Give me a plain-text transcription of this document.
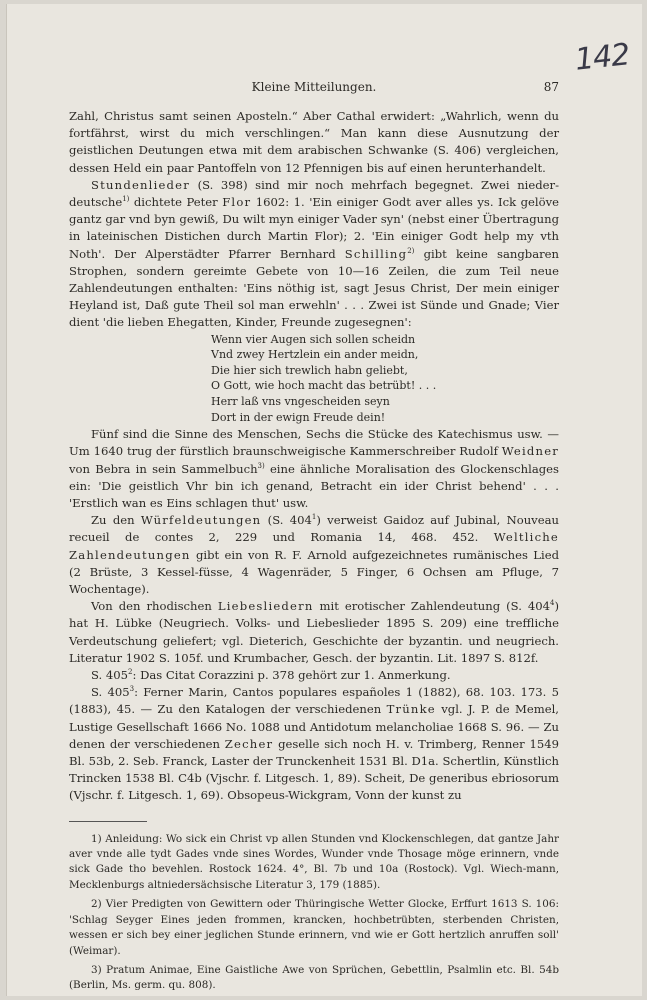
142
Kleine Mitteilungen.	87

Zahl, Christus samt seinen Aposteln.“ Aber Cathal erwidert: „Wahrlich, wenn du fortfährst, wirst du mich verschlingen.“ Man kann diese Ausnutzung der geistlichen Deutungen etwa mit dem arabischen Schwanke (S. 406) vergleichen, dessen Held ein paar Pantoffeln von 12 Pfennigen bis auf einen herunterhandelt.

Stundenlieder (S. 398) sind mir noch mehrfach begegnet. Zwei nieder-deutsche$^{1)}$ dichtete Peter Flor 1602: 1. 'Ein einiger Godt aver alles ys. Ick gelöve gantz gar vnd byn gewiß, Du wilt myn einiger Vader syn' (nebst einer Übertragung in lateinischen Distichen durch Martin Flor); 2. 'Ein einiger Godt help my vth Noth'. Der Alperstädter Pfarrer Bernhard Schilling$^{2)}$ gibt keine sangbaren Strophen, sondern gereimte Gebete von 10—16 Zeilen, die zum Teil neue Zahlendeutungen enthalten: 'Eins nöthig ist, sagt Jesus Christ, Der mein einiger Heyland ist, Daß gute Theil sol man erwehln' . . . Zwei ist Sünde und Gnade; Vier dient 'die lieben Ehegatten, Kinder, Freunde zugesegnen':

Wenn vier Augen sich sollen scheidn
Vnd zwey Hertzlein ein ander meidn,
Die hier sich trewlich habn geliebt,
O Gott, wie hoch macht das betrübt! . . .
Herr laß vns vngescheiden seyn
Dort in der ewign Freude dein!

Fünf sind die Sinne des Menschen, Sechs die Stücke des Katechismus usw. — Um 1640 trug der fürstlich braunschweigische Kammerschreiber Rudolf Weidner von Bebra in sein Sammelbuch$^{3)}$ eine ähnliche Moralisation des Glockenschlages ein: 'Die geistlich Vhr bin ich genand, Betracht ein ider Christ behend' . . . 'Erstlich wan es Eins schlagen thut' usw.

Zu den Würfeldeutungen (S. $404^1$) verweist Gaidoz auf Jubinal, Nouveau recueil de contes 2, 229 und Romania 14, 468. 452. Weltliche Zahlendeutungen gibt ein von R. F. Arnold aufgezeichnetes rumänisches Lied (2 Brüste, 3 Kessel-füsse, 4 Wagenräder, 5 Finger, 6 Ochsen am Pfluge, 7 Wochentage).

Von den rhodischen Liebesliedern mit erotischer Zahlendeutung (S. $404^4$) hat H. Lübke (Neugriech. Volks- und Liebeslieder 1895 S. 209) eine treffliche Verdeutschung geliefert; vgl. Dieterich, Geschichte der byzantin. und neugriech. Literatur 1902 S. 105f. und Krumbacher, Gesch. der byzantin. Lit. 1897 S. 812f.

S. $405^2$: Das Citat Corazzini p. 378 gehört zur 1. Anmerkung.

S. $405^3$: Ferner Marin, Cantos populares españoles 1 (1882), 68. 103. 173. 5 (1883), 45. — Zu den Katalogen der verschiedenen Trünke vgl. J. P. de Memel, Lustige Gesellschaft 1666 No. 1088 und Antidotum melancholiae 1668 S. 96. — Zu denen der verschiedenen Zecher geselle sich noch H. v. Trimberg, Renner 1549 Bl. 53b, 2. Seb. Franck, Laster der Trunckenheit 1531 Bl. D1a. Schertlin, Künstlich Trincken 1538 Bl. C4b (Vjschr. f. Litgesch. 1, 89). Scheit, De generibus ebriosorum (Vjschr. f. Litgesch. 1, 69). Obsopeus-Wickgram, Vonn der kunst zu

1) Anleidung: Wo sick ein Christ vp allen Stunden vnd Klockenschlegen, dat gantze Jahr aver vnde alle tydt Gades vnde sines Wordes, Wunder vnde Thosage möge erinnern, vnde sick Gade tho bevehlen. Rostock 1624. 4°, Bl. 7b und 10a (Rostock). Vgl. Wiech-mann, Mecklenburgs altniedersächsische Literatur 3, 179 (1885).

2) Vier Predigten von Gewittern oder Thüringische Wetter Glocke, Erffurt 1613 S. 106: 'Schlag Seyger Eines jeden frommen, krancken, hochbetrübten, sterbenden Christen, wessen er sich bey einer jeglichen Stunde erinnern, vnd wie er Gott hertzlich anruffen soll' (Weimar).

3) Pratum Animae, Eine Gaistliche Awe von Sprüchen, Gebettlin, Psalmlin etc. Bl. 54b (Berlin, Ms. germ. qu. 808).
